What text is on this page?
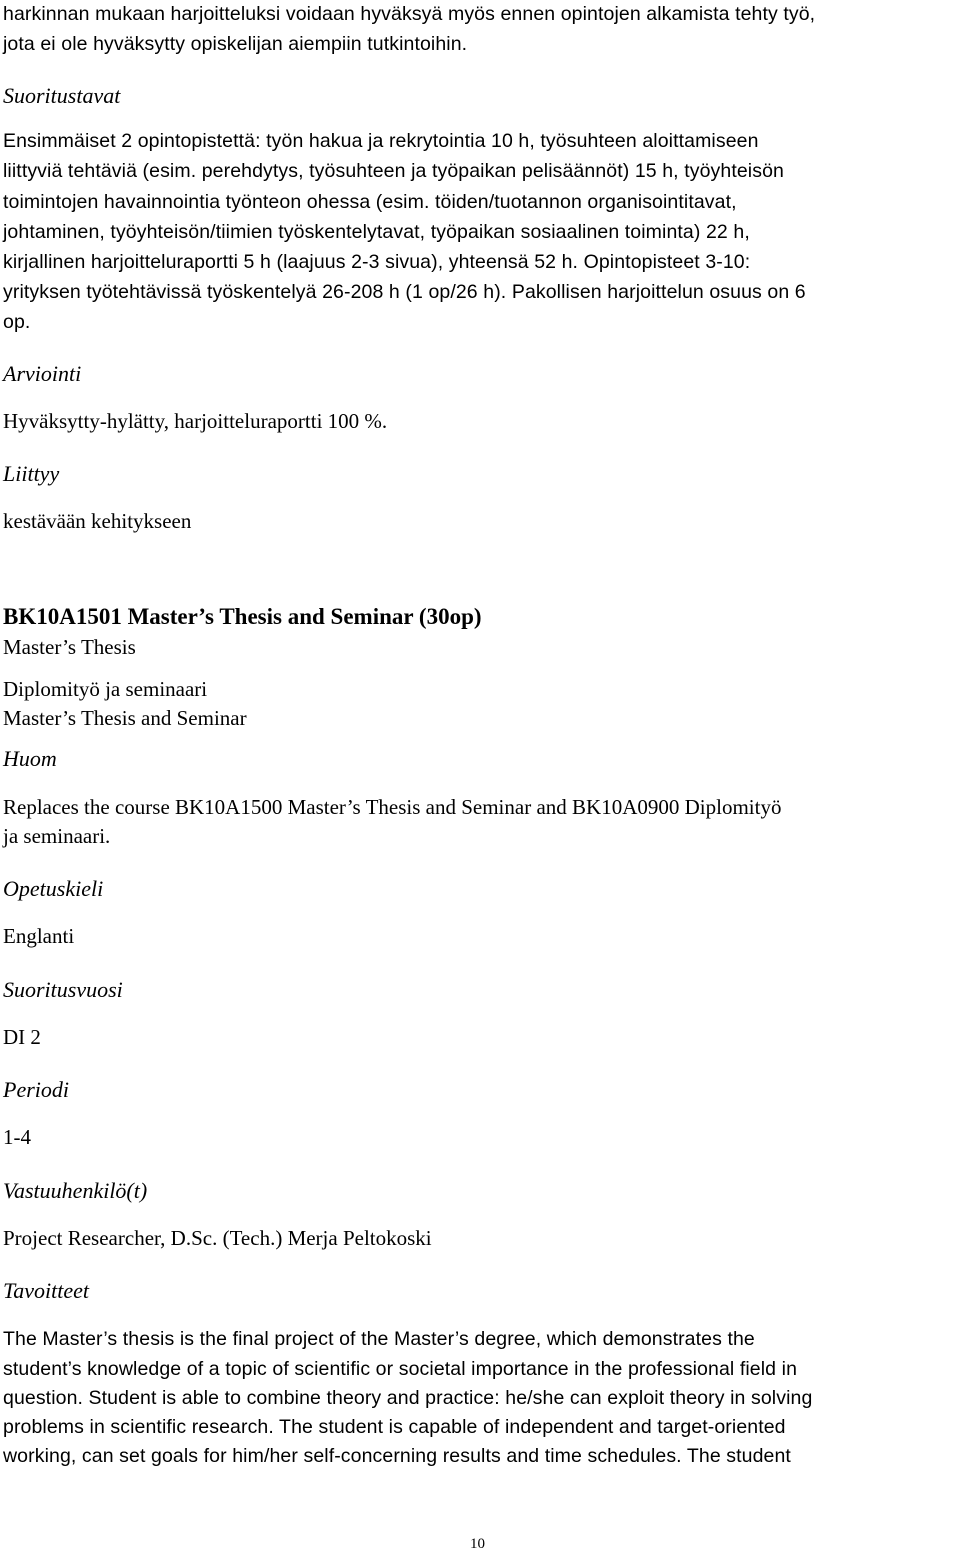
harkinnan mukaan harjoitteluksi voidaan hyväksyä myös ennen opintojen alkamista tehty työ,
jota ei ole hyväksytty opiskelijan aiempiin tutkintoihin.
Suoritustavat
Ensimmäiset 2 opintopistettä: työn hakua ja rekrytointia 10 h, työsuhteen aloittamiseen
liittyviä tehtäviä (esim. perehdytys, työsuhteen ja työpaikan pelisäännöt) 15 h, työyhteisön
toimintojen havainnointia työnteon ohessa (esim. töiden/tuotannon organisointitavat,
johtaminen, työyhteisön/tiimien työskentelytavat, työpaikan sosiaalinen toiminta) 22 h,
kirjallinen harjoitteluraportti 5 h (laajuus 2-3 sivua), yhteensä 52 h. Opintopisteet 3-10:
yrityksen työtehtävissä työskentelyä 26-208 h (1 op/26 h). Pakollisen harjoittelun osuus on 6
op.
Arviointi
Hyväksytty-hylätty, harjoitteluraportti 100 %.
Liittyy
kestävään kehitykseen
BK10A1501 Master’s Thesis and Seminar (30op)
Master’s Thesis
Diplomityö ja seminaari
Master’s Thesis and Seminar
Huom
Replaces the course BK10A1500 Master’s Thesis and Seminar and BK10A0900 Diplomityö
ja seminaari.
Opetuskieli
Englanti
Suoritusvuosi
DI 2
Periodi
1-4
Vastuuhenkilö(t)
Project Researcher, D.Sc. (Tech.) Merja Peltokoski
Tavoitteet
The Master’s thesis is the final project of the Master’s degree, which demonstrates the
student’s knowledge of a topic of scientific or societal importance in the professional field in
question. Student is able to combine theory and practice: he/she can exploit theory in solving
problems in scientific research. The student is capable of independent and target-oriented
working, can set goals for him/her self-concerning results and time schedules. The student
10
